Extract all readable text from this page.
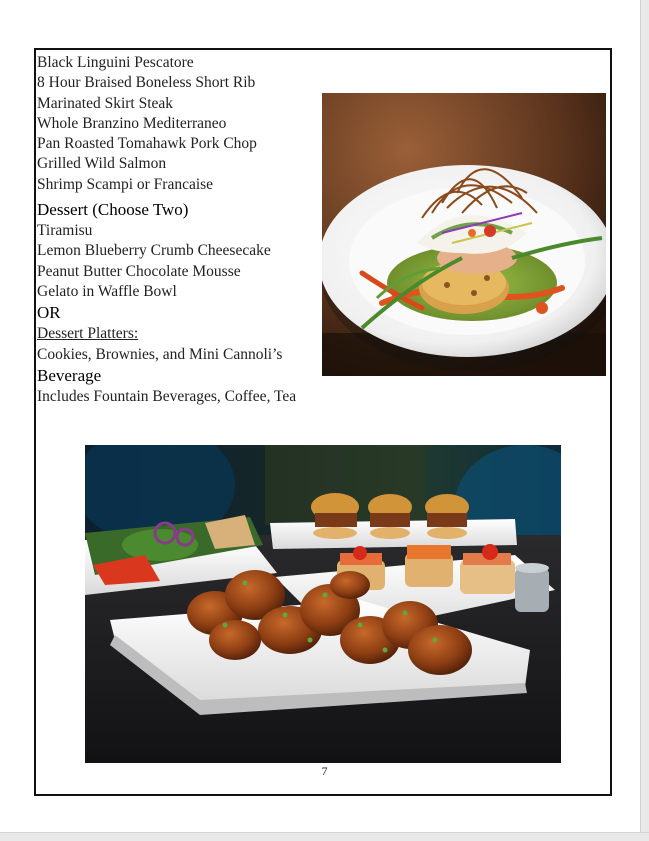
Black Linguini Pescatore
8 Hour Braised Boneless Short Rib
Marinated Skirt Steak
Whole Branzino Mediterraneo
Pan Roasted Tomahawk Pork Chop
Grilled Wild Salmon
Shrimp Scampi or Francaise
Dessert (Choose Two)
Tiramisu
Lemon Blueberry Crumb Cheesecake
Peanut Butter Chocolate Mousse
Gelato in Waffle Bowl
OR
Dessert Platters:
Cookies, Brownies, and Mini Cannoli’s
Beverage
Includes Fountain Beverages, Coffee, Tea
7
